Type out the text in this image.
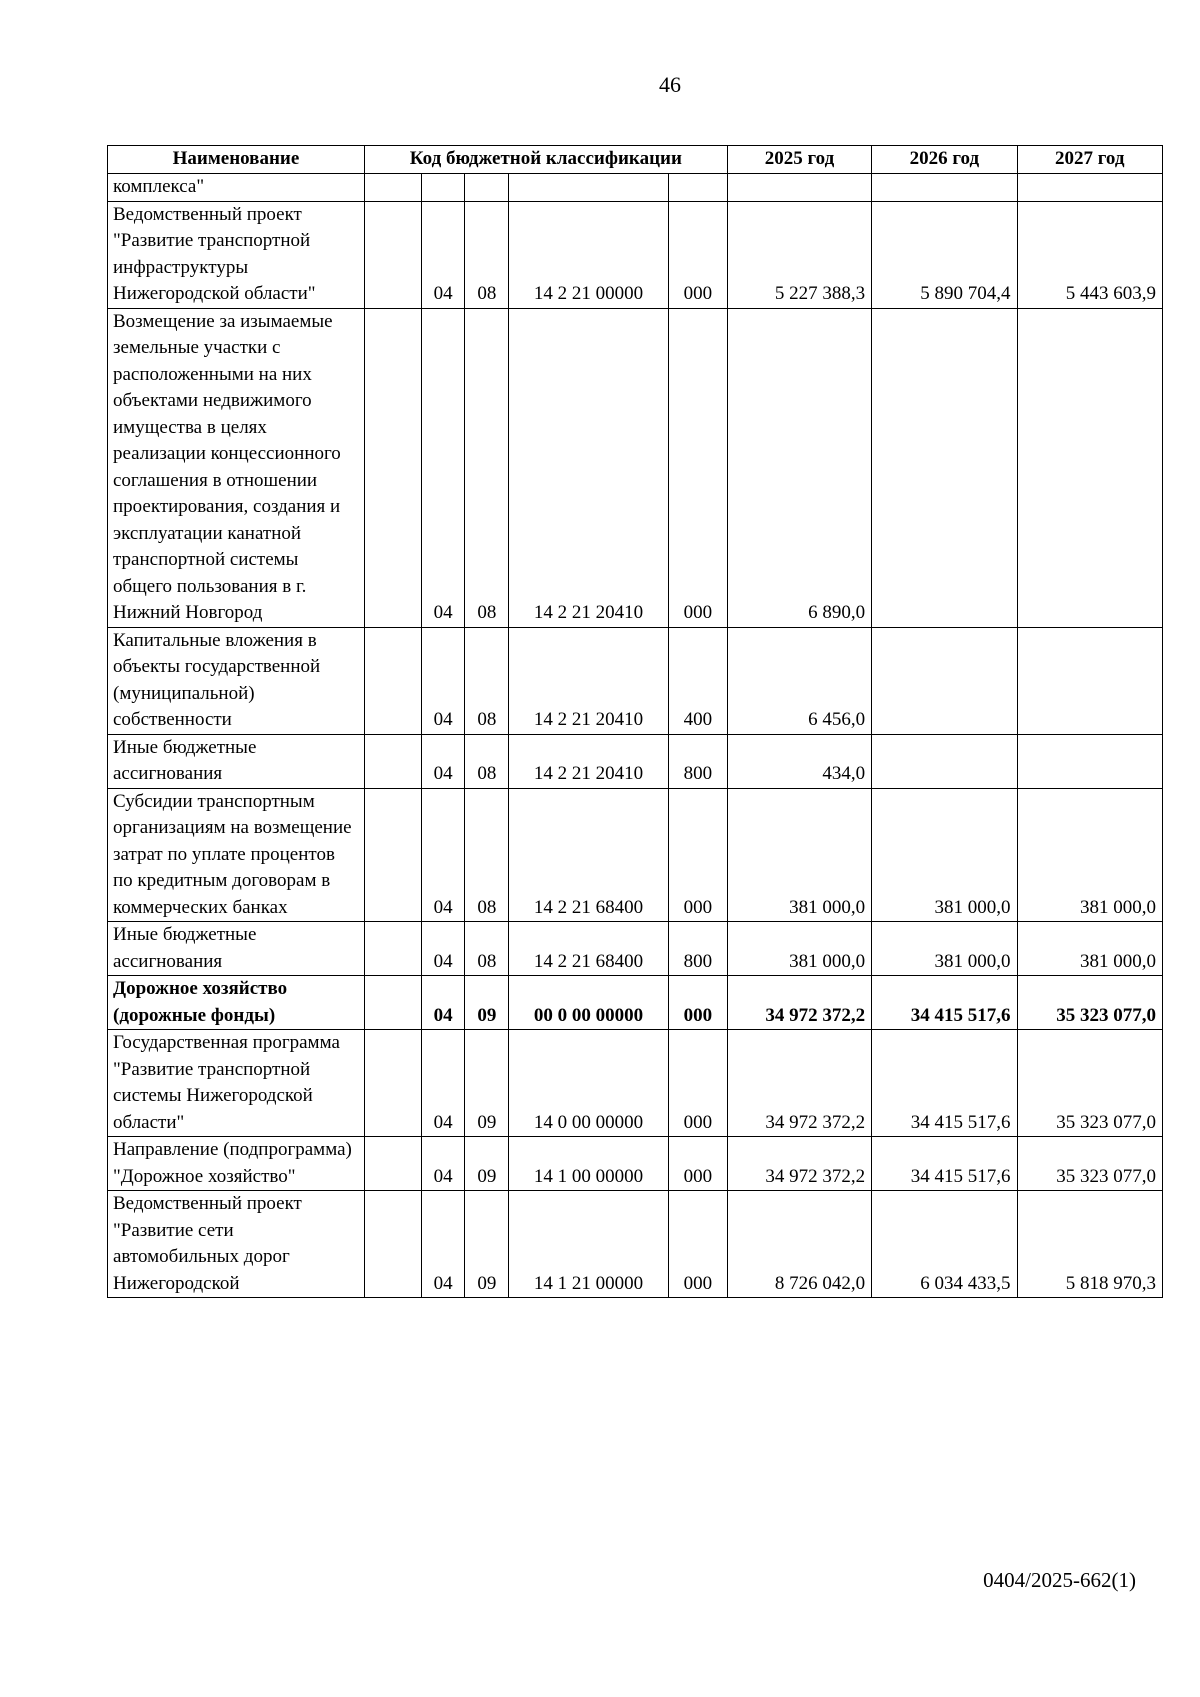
46
Наименование	Код бюджетной классификации					2025 год	2026 год	2027 год
комплекса"								
Ведомственный проект "Развитие транспортной инфраструктуры Нижегородской области"		04	08	14 2 21 00000	000	5 227 388,3	5 890 704,4	5 443 603,9
Возмещение за изымаемые земельные участки с расположенными на них объектами недвижимого имущества в целях реализации концессионного соглашения в отношении проектирования, создания и эксплуатации канатной транспортной системы общего пользования в г. Нижний Новгород		04	08	14 2 21 20410	000	6 890,0		
Капитальные вложения в объекты государственной (муниципальной) собственности		04	08	14 2 21 20410	400	6 456,0		
Иные бюджетные ассигнования		04	08	14 2 21 20410	800	434,0		
Субсидии транспортным организациям на возмещение затрат по уплате процентов по кредитным договорам в коммерческих банках		04	08	14 2 21 68400	000	381 000,0	381 000,0	381 000,0
Иные бюджетные ассигнования		04	08	14 2 21 68400	800	381 000,0	381 000,0	381 000,0
Дорожное хозяйство (дорожные фонды)		04	09	00 0 00 00000	000	34 972 372,2	34 415 517,6	35 323 077,0
Государственная программа "Развитие транспортной системы Нижегородской области"		04	09	14 0 00 00000	000	34 972 372,2	34 415 517,6	35 323 077,0
Направление (подпрограмма) "Дорожное хозяйство"		04	09	14 1 00 00000	000	34 972 372,2	34 415 517,6	35 323 077,0
Ведомственный проект "Развитие сети автомобильных дорог Нижегородской		04	09	14 1 21 00000	000	8 726 042,0	6 034 433,5	5 818 970,3
0404/2025-662(1)
